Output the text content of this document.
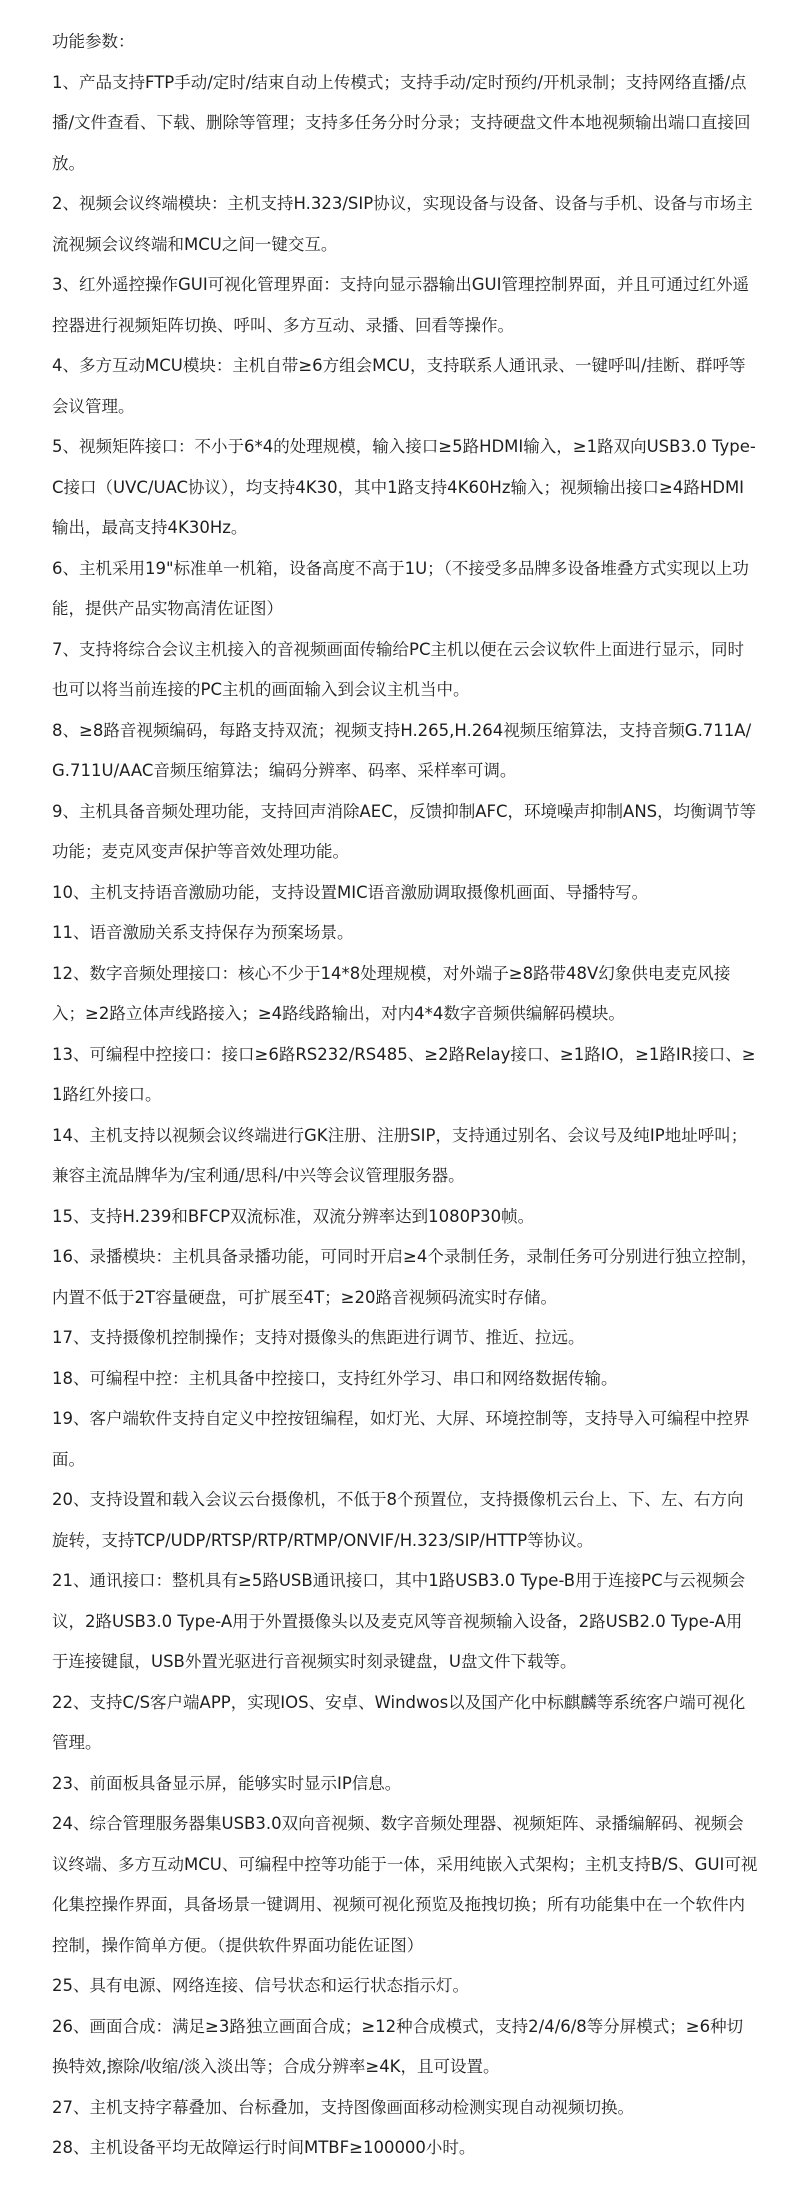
功能参数：

1、产品支持FTP手动/定时/结束自动上传模式；支持手动/定时预约/开机录制；支持网络直播/点播/文件查看、下载、删除等管理；支持多任务分时分录；支持硬盘文件本地视频输出端口直接回放。
2、视频会议终端模块：主机支持H.323/SIP协议，实现设备与设备、设备与手机、设备与市场主流视频会议终端和MCU之间一键交互。
3、红外遥控操作GUI可视化管理界面：支持向显示器输出GUI管理控制界面，并且可通过红外遥控器进行视频矩阵切换、呼叫、多方互动、录播、回看等操作。
4、多方互动MCU模块：主机自带≥6方组会MCU，支持联系人通讯录、一键呼叫/挂断、群呼等会议管理。
5、视频矩阵接口：不小于6*4的处理规模，输入接口≥5路HDMI输入，≥1路双向USB3.0 Type-C接口（UVC/UAC协议），均支持4K30，其中1路支持4K60Hz输入；视频输出接口≥4路HDMI输出，最高支持4K30Hz。
6、主机采用19"标准单一机箱，设备高度不高于1U；（不接受多品牌多设备堆叠方式实现以上功能，提供产品实物高清佐证图）
7、支持将综合会议主机接入的音视频画面传输给PC主机以便在云会议软件上面进行显示，同时也可以将当前连接的PC主机的画面输入到会议主机当中。
8、≥8路音视频编码，每路支持双流；视频支持H.265,H.264视频压缩算法，支持音频G.711A/G.711U/AAC音频压缩算法；编码分辨率、码率、采样率可调。
9、主机具备音频处理功能，支持回声消除AEC，反馈抑制AFC，环境噪声抑制ANS，均衡调节等功能；麦克风变声保护等音效处理功能。
10、主机支持语音激励功能，支持设置MIC语音激励调取摄像机画面、导播特写。
11、语音激励关系支持保存为预案场景。
12、数字音频处理接口：核心不少于14*8处理规模，对外端子≥8路带48V幻象供电麦克风接入；≥2路立体声线路接入；≥4路线路输出，对内4*4数字音频供编解码模块。
13、可编程中控接口：接口≥6路RS232/RS485、≥2路Relay接口、≥1路IO，≥1路IR接口、≥1路红外接口。
14、主机支持以视频会议终端进行GK注册、注册SIP，支持通过别名、会议号及纯IP地址呼叫；兼容主流品牌华为/宝利通/思科/中兴等会议管理服务器。
15、支持H.239和BFCP双流标准，双流分辨率达到1080P30帧。
16、录播模块：主机具备录播功能，可同时开启≥4个录制任务，录制任务可分别进行独立控制，内置不低于2T容量硬盘，可扩展至4T；≥20路音视频码流实时存储。
17、支持摄像机控制操作；支持对摄像头的焦距进行调节、推近、拉远。
18、可编程中控：主机具备中控接口，支持红外学习、串口和网络数据传输。
19、客户端软件支持自定义中控按钮编程，如灯光、大屏、环境控制等，支持导入可编程中控界面。
20、支持设置和载入会议云台摄像机，不低于8个预置位，支持摄像机云台上、下、左、右方向旋转，支持TCP/UDP/RTSP/RTP/RTMP/ONVIF/H.323/SIP/HTTP等协议。
21、通讯接口：整机具有≥5路USB通讯接口，其中1路USB3.0 Type-B用于连接PC与云视频会议，2路USB3.0 Type-A用于外置摄像头以及麦克风等音视频输入设备，2路USB2.0 Type-A用于连接键鼠，USB外置光驱进行音视频实时刻录键盘，U盘文件下载等。
22、支持C/S客户端APP，实现IOS、安卓、Windwos以及国产化中标麒麟等系统客户端可视化管理。
23、前面板具备显示屏，能够实时显示IP信息。
24、综合管理服务器集USB3.0双向音视频、数字音频处理器、视频矩阵、录播编解码、视频会议终端、多方互动MCU、可编程中控等功能于一体，采用纯嵌入式架构；主机支持B/S、GUI可视化集控操作界面，具备场景一键调用、视频可视化预览及拖拽切换；所有功能集中在一个软件内控制，操作简单方便。（提供软件界面功能佐证图）
25、具有电源、网络连接、信号状态和运行状态指示灯。
26、画面合成：满足≥3路独立画面合成；≥12种合成模式，支持2/4/6/8等分屏模式；≥6种切换特效,擦除/收缩/淡入淡出等；合成分辨率≥4K，且可设置。
27、主机支持字幕叠加、台标叠加，支持图像画面移动检测实现自动视频切换。
28、主机设备平均无故障运行时间MTBF≥100000小时。
